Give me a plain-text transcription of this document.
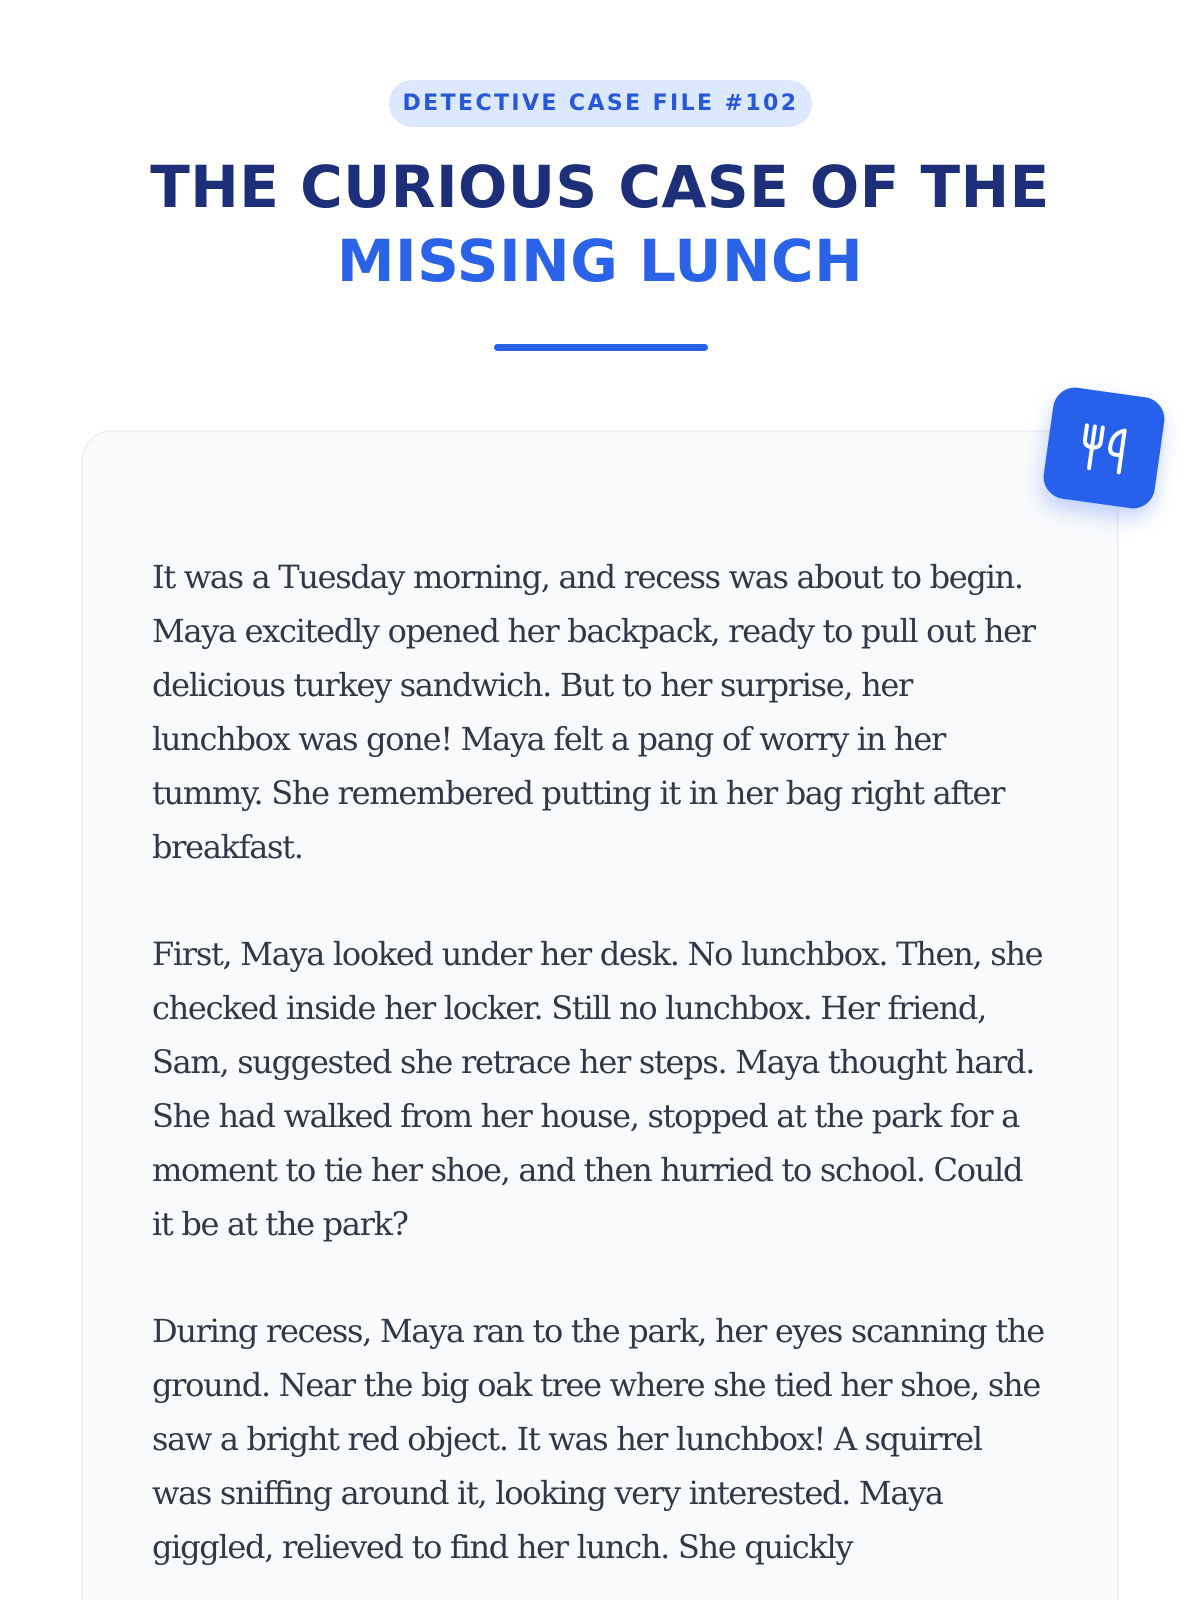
DETECTIVE CASE FILE #102
THE CURIOUS CASE OF THE
MISSING LUNCH

It was a Tuesday morning, and recess was about to begin. Maya excitedly opened her backpack, ready to pull out her delicious turkey sandwich. But to her surprise, her lunchbox was gone! Maya felt a pang of worry in her tummy. She remembered putting it in her bag right after breakfast.

First, Maya looked under her desk. No lunchbox. Then, she checked inside her locker. Still no lunchbox. Her friend, Sam, suggested she retrace her steps. Maya thought hard. She had walked from her house, stopped at the park for a moment to tie her shoe, and then hurried to school. Could it be at the park?

During recess, Maya ran to the park, her eyes scanning the ground. Near the big oak tree where she tied her shoe, she saw a bright red object. It was her lunchbox! A squirrel was sniffing around it, looking very interested. Maya giggled, relieved to find her lunch. She quickly
